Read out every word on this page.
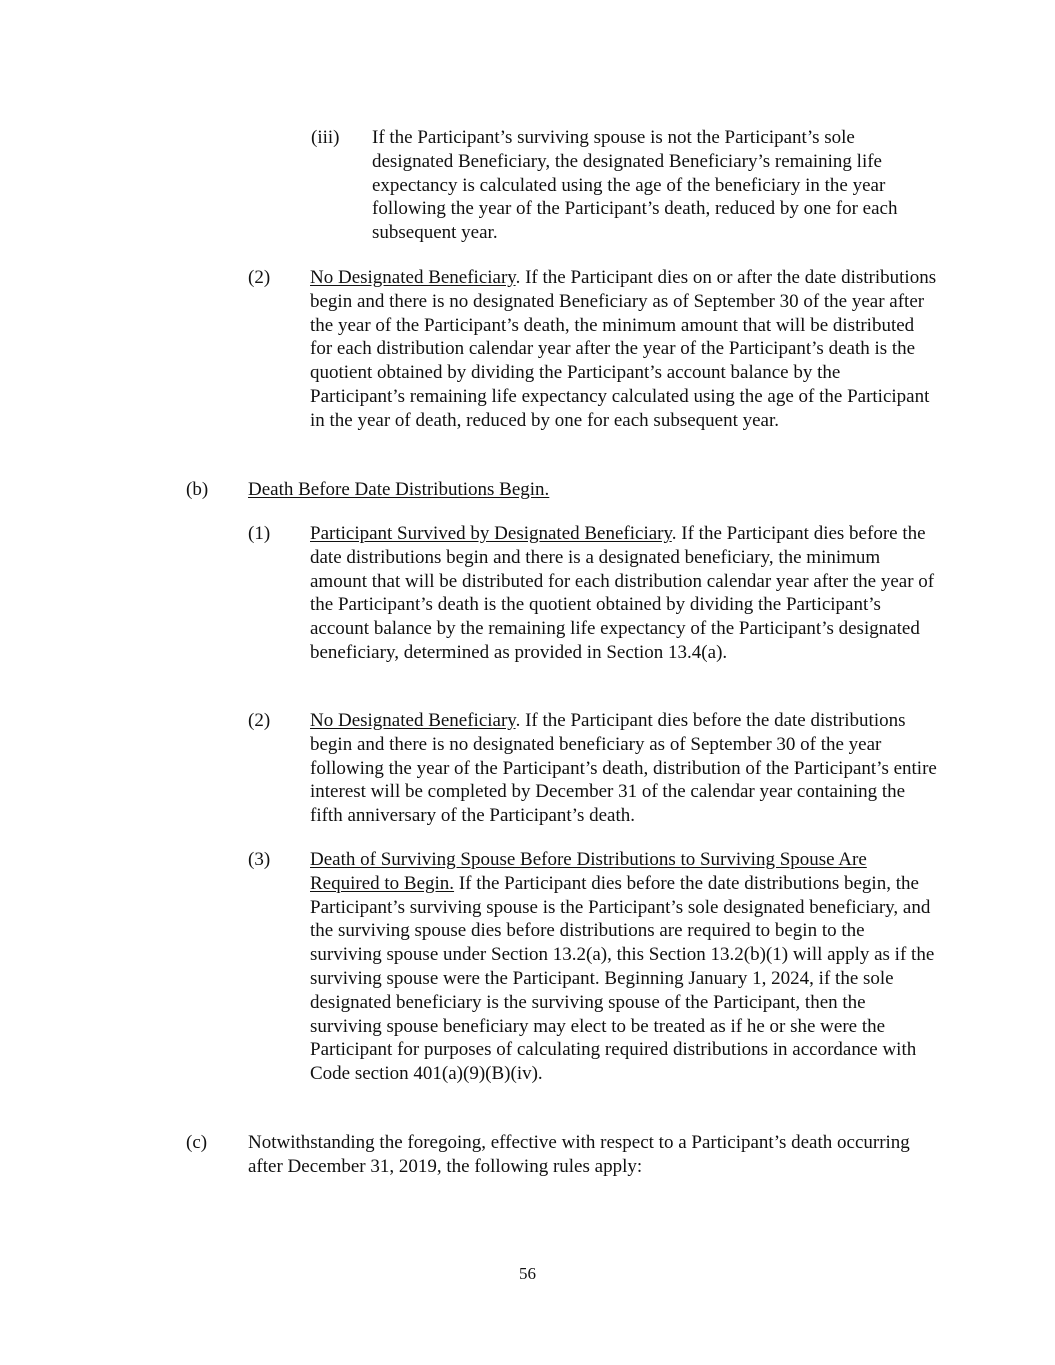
(iii) If the Participant’s surviving spouse is not the Participant’s sole designated Beneficiary, the designated Beneficiary’s remaining life expectancy is calculated using the age of the beneficiary in the year following the year of the Participant’s death, reduced by one for each subsequent year.

(2) No Designated Beneficiary. If the Participant dies on or after the date distributions begin and there is no designated Beneficiary as of September 30 of the year after the year of the Participant’s death, the minimum amount that will be distributed for each distribution calendar year after the year of the Participant’s death is the quotient obtained by dividing the Participant’s account balance by the Participant’s remaining life expectancy calculated using the age of the Participant in the year of death, reduced by one for each subsequent year.

(b) Death Before Date Distributions Begin.

(1) Participant Survived by Designated Beneficiary. If the Participant dies before the date distributions begin and there is a designated beneficiary, the minimum amount that will be distributed for each distribution calendar year after the year of the Participant’s death is the quotient obtained by dividing the Participant’s account balance by the remaining life expectancy of the Participant’s designated beneficiary, determined as provided in Section 13.4(a).

(2) No Designated Beneficiary. If the Participant dies before the date distributions begin and there is no designated beneficiary as of September 30 of the year following the year of the Participant’s death, distribution of the Participant’s entire interest will be completed by December 31 of the calendar year containing the fifth anniversary of the Participant’s death.

(3) Death of Surviving Spouse Before Distributions to Surviving Spouse Are Required to Begin. If the Participant dies before the date distributions begin, the Participant’s surviving spouse is the Participant’s sole designated beneficiary, and the surviving spouse dies before distributions are required to begin to the surviving spouse under Section 13.2(a), this Section 13.2(b)(1) will apply as if the surviving spouse were the Participant. Beginning January 1, 2024, if the sole designated beneficiary is the surviving spouse of the Participant, then the surviving spouse beneficiary may elect to be treated as if he or she were the Participant for purposes of calculating required distributions in accordance with Code section 401(a)(9)(B)(iv).

(c) Notwithstanding the foregoing, effective with respect to a Participant’s death occurring after December 31, 2019, the following rules apply:

56
